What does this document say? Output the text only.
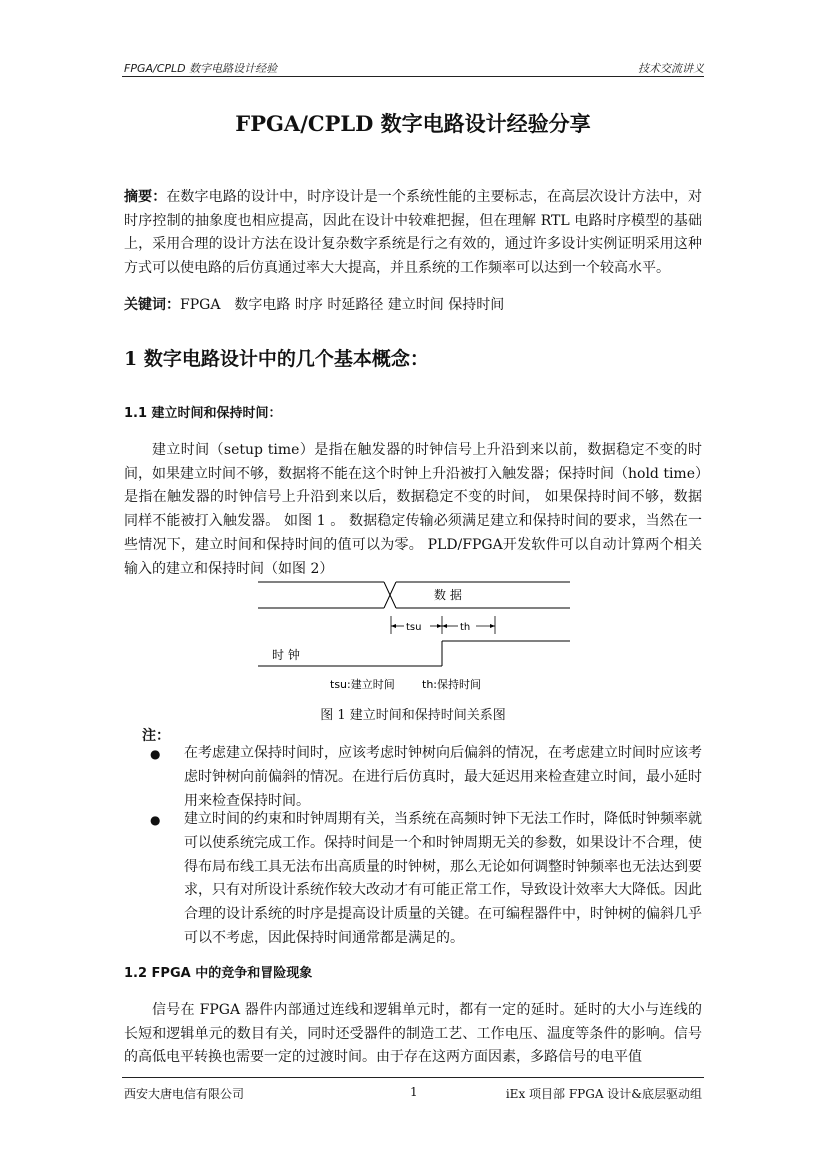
FPGA/CPLD 数字电路设计经验	技术交流讲义
FPGA/CPLD 数字电路设计经验分享
摘要：在数字电路的设计中，时序设计是一个系统性能的主要标志，在高层次设计方法中，对时序控制的抽象度也相应提高，因此在设计中较难把握，但在理解 RTL 电路时序模型的基础上，采用合理的设计方法在设计复杂数字系统是行之有效的，通过许多设计实例证明采用这种方式可以使电路的后仿真通过率大大提高，并且系统的工作频率可以达到一个较高水平。
关键词：FPGA　数字电路 时序 时延路径 建立时间 保持时间
1 数字电路设计中的几个基本概念：
1.1 建立时间和保持时间：
建立时间（setup time）是指在触发器的时钟信号上升沿到来以前，数据稳定不变的时间，如果建立时间不够，数据将不能在这个时钟上升沿被打入触发器；保持时间（hold time）是指在触发器的时钟信号上升沿到来以后，数据稳定不变的时间， 如果保持时间不够，数据同样不能被打入触发器。 如图 1 。 数据稳定传输必须满足建立和保持时间的要求，当然在一些情况下，建立时间和保持时间的值可以为零。 PLD/FPGA开发软件可以自动计算两个相关输入的建立和保持时间（如图 2）
数 据
tsu	th
时 钟
tsu:建立时间 th:保持时间
图 1 建立时间和保持时间关系图
注：
● 在考虑建立保持时间时，应该考虑时钟树向后偏斜的情况，在考虑建立时间时应该考虑时钟树向前偏斜的情况。在进行后仿真时，最大延迟用来检查建立时间，最小延时用来检查保持时间。
● 建立时间的约束和时钟周期有关，当系统在高频时钟下无法工作时，降低时钟频率就可以使系统完成工作。保持时间是一个和时钟周期无关的参数，如果设计不合理，使得布局布线工具无法布出高质量的时钟树，那么无论如何调整时钟频率也无法达到要求，只有对所设计系统作较大改动才有可能正常工作，导致设计效率大大降低。因此合理的设计系统的时序是提高设计质量的关键。在可编程器件中，时钟树的偏斜几乎可以不考虑，因此保持时间通常都是满足的。
1.2 FPGA 中的竞争和冒险现象
信号在 FPGA 器件内部通过连线和逻辑单元时，都有一定的延时。延时的大小与连线的长短和逻辑单元的数目有关，同时还受器件的制造工艺、工作电压、温度等条件的影响。信号的高低电平转换也需要一定的过渡时间。由于存在这两方面因素，多路信号的电平值
西安大唐电信有限公司	1	iEx 项目部 FPGA 设计&底层驱动组
